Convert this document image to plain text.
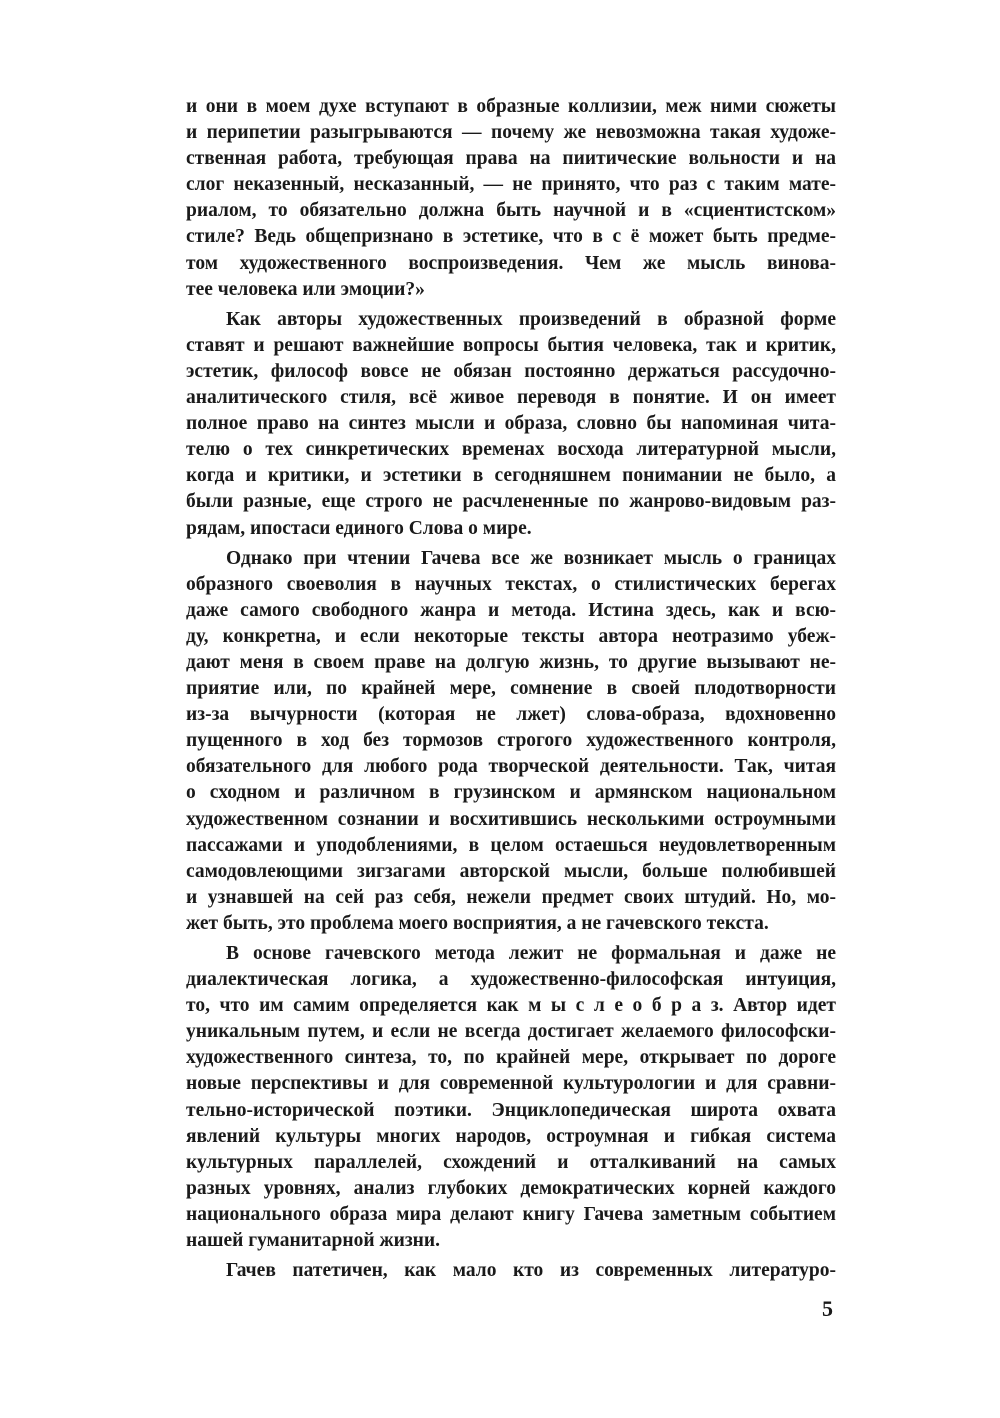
и они в моем духе вступают в образные коллизии, меж ними сюжеты
и перипетии разыгрываются — почему же невозможна такая художе-
ственная работа, требующая права на пиитические вольности и на
слог неказенный, несказанный, — не принято, что раз с таким мате-
риалом, то обязательно должна быть научной и в «сциентистском»
стиле? Ведь общепризнано в эстетике, что в с ё может быть предме-
том художественного воспроизведения. Чем же мысль винова-
тее человека или эмоции?»
Как авторы художественных произведений в образной форме
ставят и решают важнейшие вопросы бытия человека, так и критик,
эстетик, философ вовсе не обязан постоянно держаться рассудочно-
аналитического стиля, всё живое переводя в понятие. И он имеет
полное право на синтез мысли и образа, словно бы напоминая чита-
телю о тех синкретических временах восхода литературной мысли,
когда и критики, и эстетики в сегодняшнем понимании не было, а
были разные, еще строго не расчлененные по жанрово-видовым раз-
рядам, ипостаси единого Слова о мире.
Однако при чтении Гачева все же возникает мысль о границах
образного своеволия в научных текстах, о стилистических берегах
даже самого свободного жанра и метода. Истина здесь, как и всю-
ду, конкретна, и если некоторые тексты автора неотразимо убеж-
дают меня в своем праве на долгую жизнь, то другие вызывают не-
приятие или, по крайней мере, сомнение в своей плодотворности
из-за вычурности (которая не лжет) слова-образа, вдохновенно
пущенного в ход без тормозов строгого художественного контроля,
обязательного для любого рода творческой деятельности. Так, читая
о сходном и различном в грузинском и армянском национальном
художественном сознании и восхитившись несколькими остроумными
пассажами и уподоблениями, в целом остаешься неудовлетворенным
самодовлеющими зигзагами авторской мысли, больше полюбившей
и узнавшей на сей раз себя, нежели предмет своих штудий. Но, мо-
жет быть, это проблема моего восприятия, а не гачевского текста.
В основе гачевского метода лежит не формальная и даже не
диалектическая логика, а художественно-философская интуиция,
то, что им самим определяется как м ы с л е о б р а з. Автор идет
уникальным путем, и если не всегда достигает желаемого философски-
художественного синтеза, то, по крайней мере, открывает по дороге
новые перспективы и для современной культурологии и для сравни-
тельно-исторической поэтики. Энциклопедическая широта охвата
явлений культуры многих народов, остроумная и гибкая система
культурных параллелей, схождений и отталкиваний на самых
разных уровнях, анализ глубоких демократических корней каждого
национального образа мира делают книгу Гачева заметным событием
нашей гуманитарной жизни.
Гачев патетичен, как мало кто из современных литературо-
5
